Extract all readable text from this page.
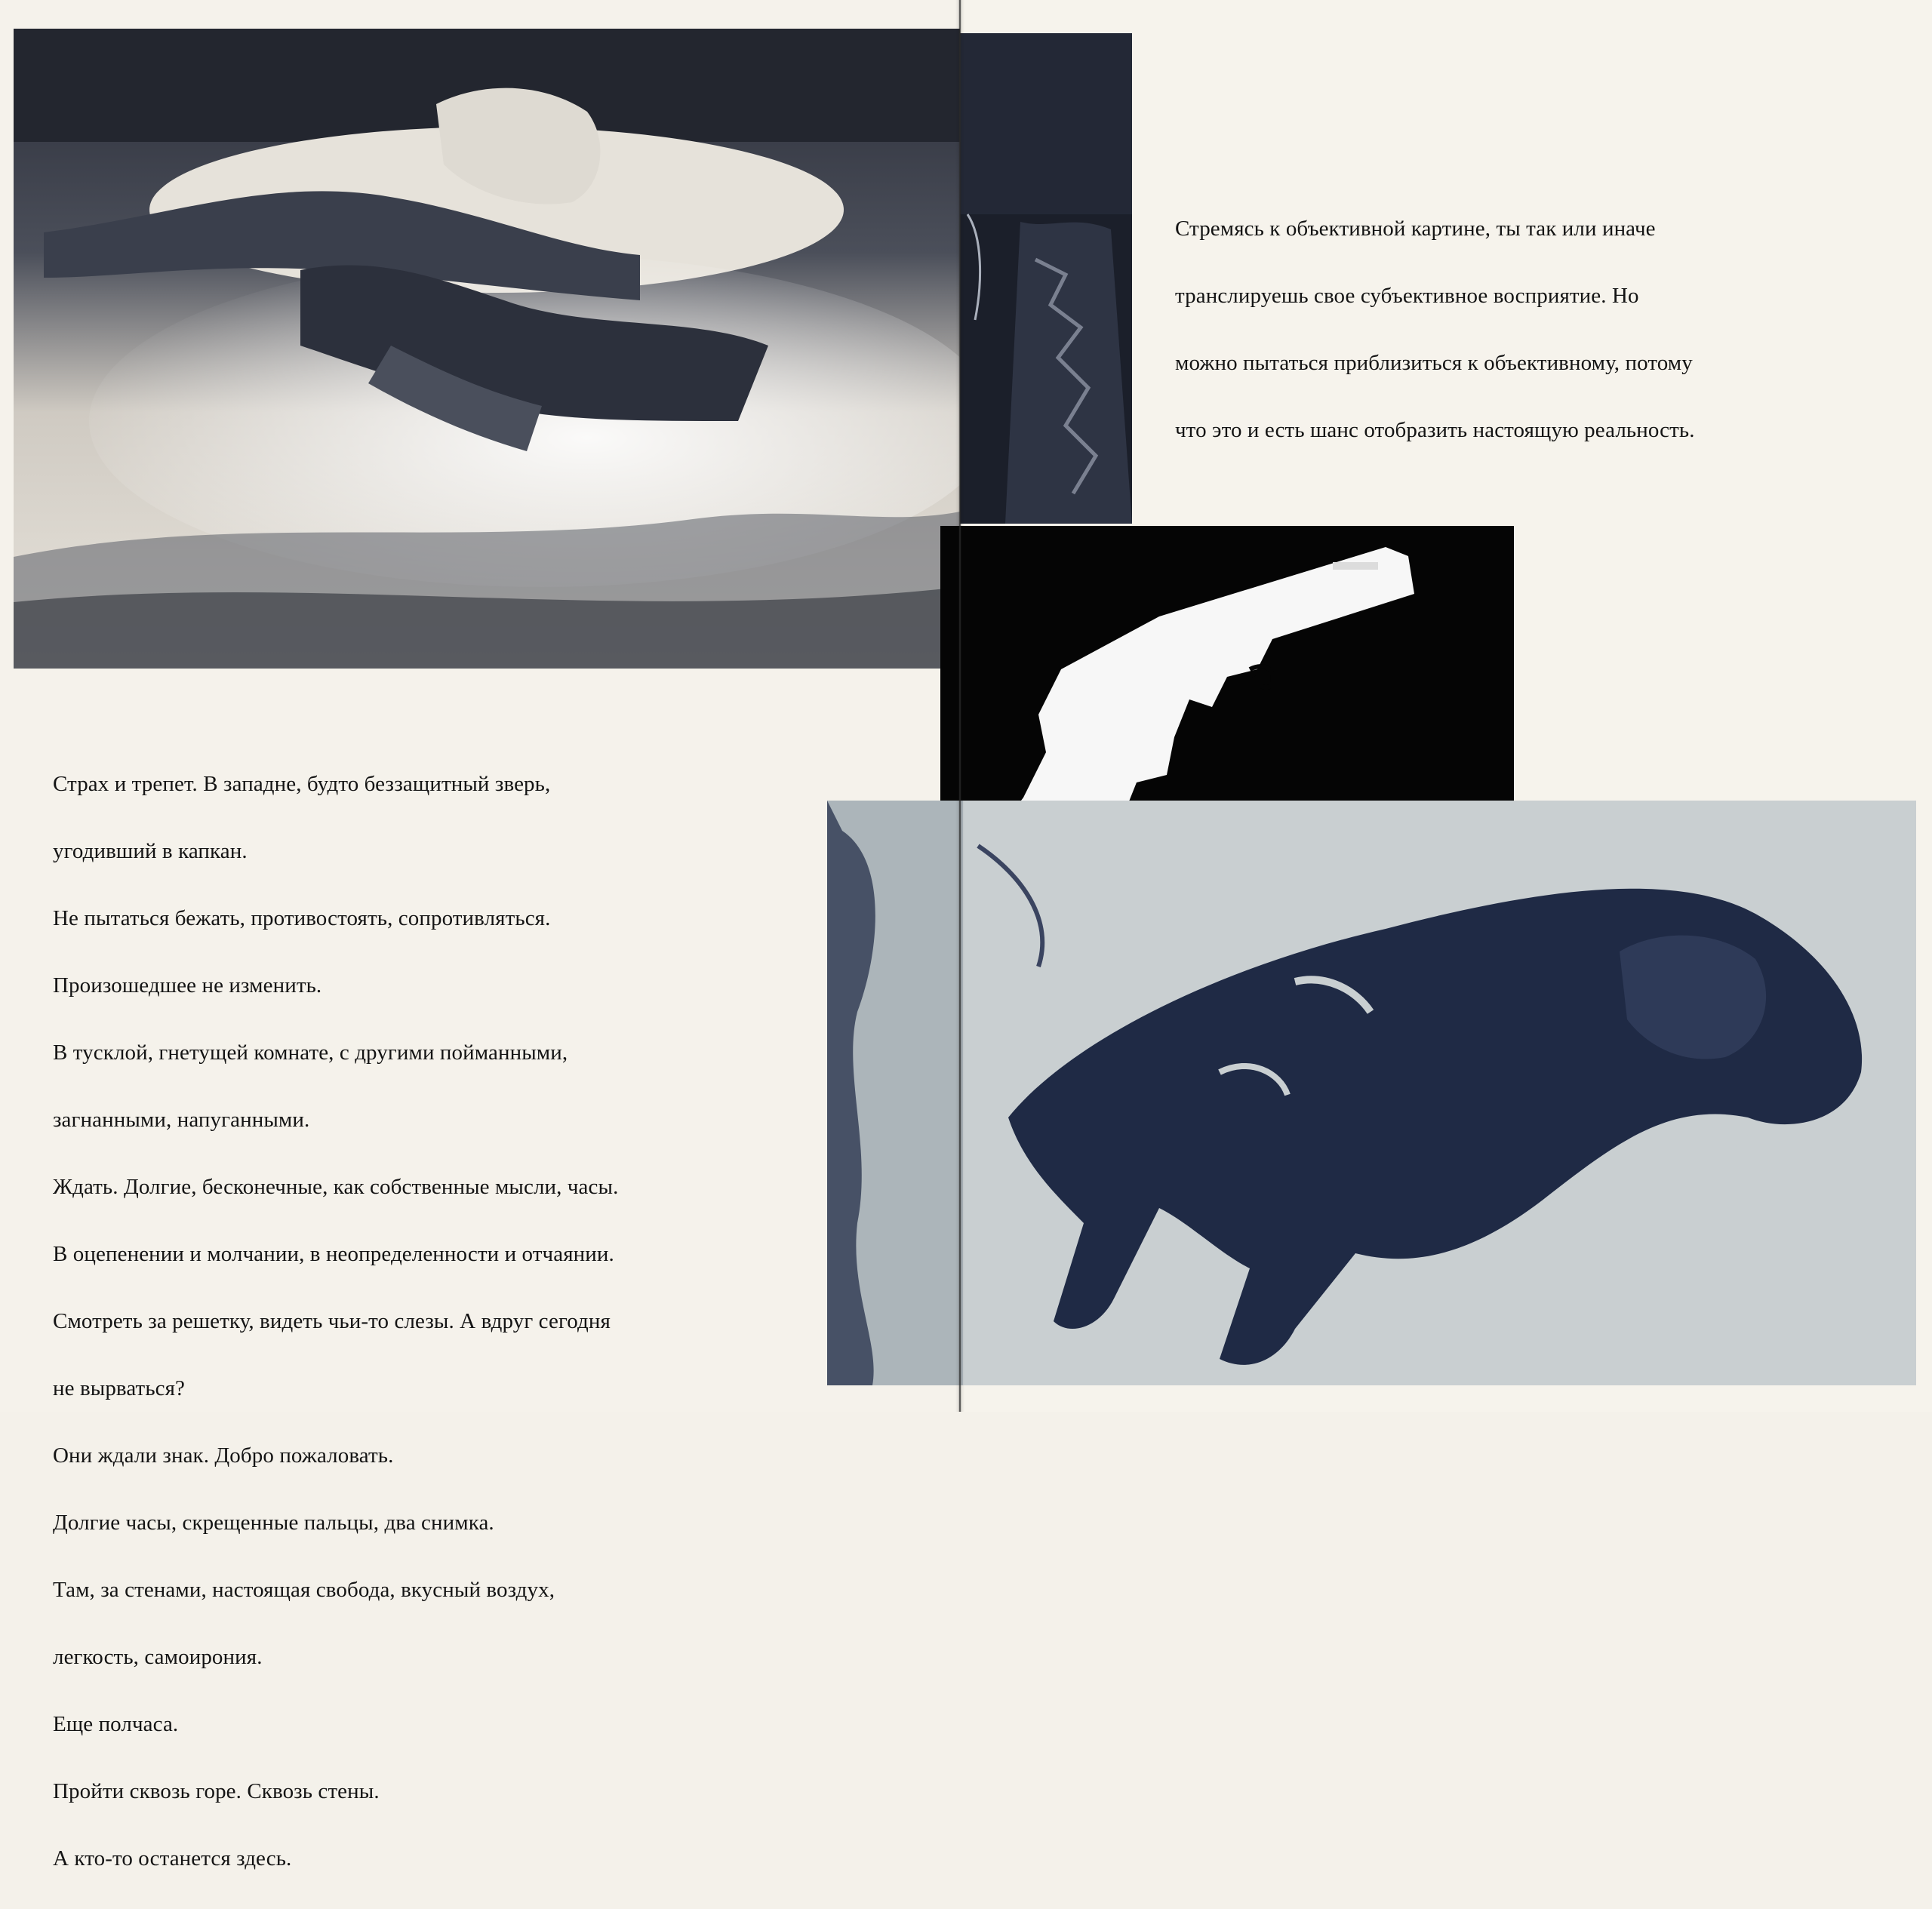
Страх и трепет. В западне, будто беззащитный зверь,

угодивший в капкан.

Не пытаться бежать, противостоять, сопротивляться.

Произошедшее не изменить.

В тусклой, гнетущей комнате, с другими пойманными,

загнанными, напуганными.

Ждать. Долгие, бесконечные, как собственные мысли, часы.

В оцепенении и молчании, в неопределенности и отчаянии.

Смотреть за решетку, видеть чьи-то слезы. А вдруг сегодня

не вырваться?

Они ждали знак. Добро пожаловать.

Долгие часы, скрещенные пальцы, два снимка.

Там, за стенами, настоящая свобода, вкусный воздух,

легкость, самоирония.

Еще полчаса.

Пройти сквозь горе. Сквозь стены.

А кто-то останется здесь.

Стремясь к объективной картине, ты так или иначе

транслируешь свое субъективное восприятие. Но

можно пытаться приблизиться к объективному, потому

что это и есть шанс отобразить настоящую реальность.
